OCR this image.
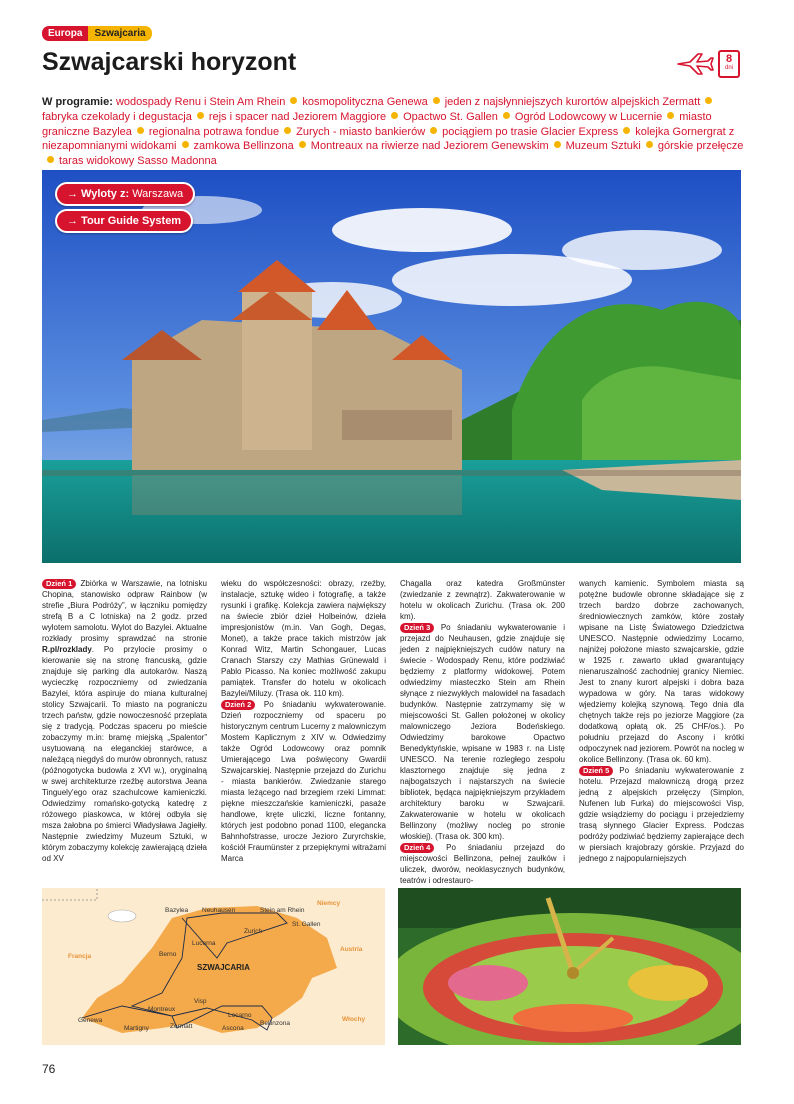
Europa	Szwajcaria
Szwajcarski horyzont	8
dni
W programie: wodospady Renu i Stein Am Rhein kosmopolityczna Genewa jeden z najsłynniejszych kurortów alpejskich Zermattfabryka czekolady i degustacja rejs i spacer nad Jeziorem Maggiore Opactwo St. Gallen Ogród Lodowcowy w Lucernie miasto graniczne Bazylea regionalna potrawa fondue Zurych - miasto bankierów pociągiem po trasie Glacier Express kolejka Gornergrat z niezapomnianymi widokami zamkowa Bellinzona Montreaux na riwierze nad Jeziorem Genewskim Muzeum Sztuki górskie przełęczetaras widokowy Sasso Madonna
→ Wyloty z: Warszawa
→ Tour Guide System

Dzień 1 Zbiórka w Warszawie, na lotnisku Chopina, stanowisko odpraw Rainbow (w strefie „Biura Podróży”, w łączniku pomiędzy strefą B a C lotniska) na 2 godz. przed wylotem samolotu. Wylot do Bazylei. Aktualne rozkłady prosimy sprawdzać na stronie R.pl/rozklady. Po przylocie prosimy o kierowanie się na stronę francuską, gdzie znajduje się parking dla autokarów. Naszą wycieczkę rozpoczniemy od zwiedzania Bazylei, która aspiruje do miana kulturalnej stolicy Szwajcarii. To miasto na pograniczu trzech państw, gdzie nowoczesność przeplata się z tradycją. Podczas spaceru po mieście zobaczymy m.in: bramę miejską „Spalentor” usytuowaną na eleganckiej starówce, a należącą niegdyś do murów obronnych, ratusz (późnogotycka budowla z XVI w.), oryginalną w swej architekturze rzeźbę autorstwa Jeana Tinguely'ego oraz szachulcowe kamieniczki. Odwiedzimy romańsko-gotycką katedrę z różowego piaskowca, w której odbyła się msza żałobna po śmierci Władysława Jagiełły. Następnie zwiedzimy Muzeum Sztuki, w którym zobaczymy kolekcję zawierającą dzieła od XV

wieku do współczesności: obrazy, rzeźby, instalacje, sztukę wideo i fotografię, a także rysunki i grafikę. Kolekcja zawiera największy na świecie zbiór dzieł Holbeinów, dzieła impresjonistów (m.in. Van Gogh, Degas, Monet), a także prace takich mistrzów jak Konrad Witz, Martin Schongauer, Lucas Cranach Starszy czy Mathias Grünewald i Pablo Picasso. Na koniec możliwość zakupu pamiątek. Transfer do hotelu w okolicach Bazylei/Miluzy. (Trasa ok. 110 km).

Dzień 2 Po śniadaniu wykwaterowanie. Dzień rozpoczniemy od spaceru po historycznym centrum Lucerny z malowniczym Mostem Kaplicznym z XIV w. Odwiedzimy także Ogród Lodowcowy oraz pomnik Umierającego Lwa poświęcony Gwardii Szwajcarskiej. Następnie przejazd do Zurichu - miasta bankierów. Zwiedzanie starego miasta leżącego nad brzegiem rzeki Limmat: piękne mieszczańskie kamieniczki, pasaże handlowe, kręte uliczki, liczne fontanny, których jest podobno ponad 1100, elegancka Bahnhofstrasse, urocze Jezioro Zuryrchskie, kościół Fraumünster z przepięknymi witrażami Marca

Chagalla oraz katedra Großmünster (zwiedzanie z zewnątrz). Zakwaterowanie w hotelu w okolicach Zurichu. (Trasa ok. 200 km).

Dzień 3 Po śniadaniu wykwaterowanie i przejazd do Neuhausen, gdzie znajduje się jeden z najpiękniejszych cudów natury na świecie - Wodospady Renu, które podziwiać będziemy z platformy widokowej. Potem odwiedzimy miasteczko Stein am Rhein słynące z niezwykłych malowideł na fasadach budynków. Następnie zatrzymamy się w miejscowości St. Gallen położonej w okolicy malowniczego Jeziora Bodeńskiego. Odwiedzimy barokowe Opactwo Benedyktyńskie, wpisane w 1983 r. na Listę UNESCO. Na terenie rozległego zespołu klasztornego znajduje się jedna z najbogatszych i najstarszych na świecie bibliotek, będąca najpiękniejszym przykładem architektury baroku w Szwajcarii. Zakwaterowanie w hotelu w okolicach Bellinzony (możliwy nocleg po stronie włoskiej). (Trasa ok. 300 km).

Dzień 4 Po śniadaniu przejazd do miejscowości Bellinzona, pełnej zaułków i uliczek, dworów, neoklasycznych budynków, teatrów i odrestauro-

wanych kamienic. Symbolem miasta są potężne budowle obronne składające się z trzech bardzo dobrze zachowanych, średniowiecznych zamków, które zostały wpisane na Listę Światowego Dziedzictwa UNESCO. Następnie odwiedzimy Locarno, najniżej położone miasto szwajcarskie, gdzie w 1925 r. zawarto układ gwarantujący nienaruszalność zachodniej granicy Niemiec. Jest to znany kurort alpejski i dobra baza wypadowa w góry. Na taras widokowy wjedziemy kolejką szynową. Tego dnia dla chętnych także rejs po jeziorze Maggiore (za dodatkową opłatą ok. 25 CHF/os.). Po południu przejazd do Ascony i krótki odpoczynek nad jeziorem. Powrót na nocleg w okolice Bellinzony. (Trasa ok. 60 km).

Dzień 5 Po śniadaniu wykwaterowanie z hotelu. Przejazd malowniczą drogą przez jedną z alpejskich przełęczy (Simplon, Nufenen lub Furka) do miejscowości Visp, gdzie wsiądziemy do pociągu i przejedziemy trasą słynnego Glacier Express. Podczas podróży podziwiać będziemy zapierające dech w piersiach krajobrazy górskie. Przyjazd do jednego z najpopularniejszych

SZWAJCARIA
Niemcy
Austria
Francja
Włochy
Bazylea Neuhausen	Stein am Rhein
Zurich
St. Gallen
Lucerna
Berno
Visp
Montreux
Genewa
Martigny	Zermatt
Locarno
Ascona
Bellinzona
76
